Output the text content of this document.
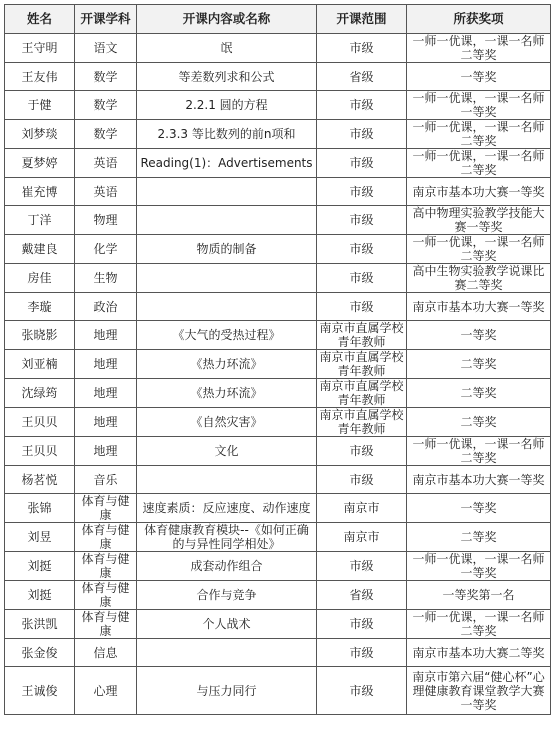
姓名	开课学科	开课内容或名称	开课范围	所获奖项
王守明	语文	氓	市级	一师一优课，一课一名师二等奖
王友伟	数学	等差数列求和公式	省级	一等奖
于健	数学	2.2.1 圆的方程	市级	一师一优课，一课一名师一等奖
刘梦琰	数学	2.3.3 等比数列的前n项和	市级	一师一优课，一课一名师二等奖
夏梦婷	英语	Reading(1)：Advertisements	市级	一师一优课，一课一名师二等奖
崔充博	英语		市级	南京市基本功大赛一等奖
丁洋	物理		市级	高中物理实验教学技能大赛一等奖
戴建良	化学	物质的制备	市级	一师一优课，一课一名师二等奖
房佳	生物		市级	高中生物实验教学说课比赛二等奖
李璇	政治		市级	南京市基本功大赛一等奖
张晓影	地理	《大气的受热过程》	南京市直属学校青年教师	一等奖
刘亚楠	地理	《热力环流》	南京市直属学校青年教师	二等奖
沈绿筠	地理	《热力环流》	南京市直属学校青年教师	二等奖
王贝贝	地理	《自然灾害》	南京市直属学校青年教师	二等奖
王贝贝	地理	文化	市级	一师一优课，一课一名师二等奖
杨茗悦	音乐		市级	南京市基本功大赛一等奖
张锦	体育与健康	速度素质：反应速度、动作速度	南京市	一等奖
刘昱	体育与健康	体育健康教育模块--《如何正确的与异性同学相处》	南京市	二等奖
刘挺	体育与健康	成套动作组合	市级	一师一优课，一课一名师一等奖
刘挺	体育与健康	合作与竞争	省级	一等奖第一名
张洪凯	体育与健康	个人战术	市级	一师一优课，一课一名师二等奖
张金俊	信息		市级	南京市基本功大赛二等奖
王诚俊	心理	与压力同行	市级	南京市第六届“健心杯”心理健康教育课堂教学大赛一等奖
